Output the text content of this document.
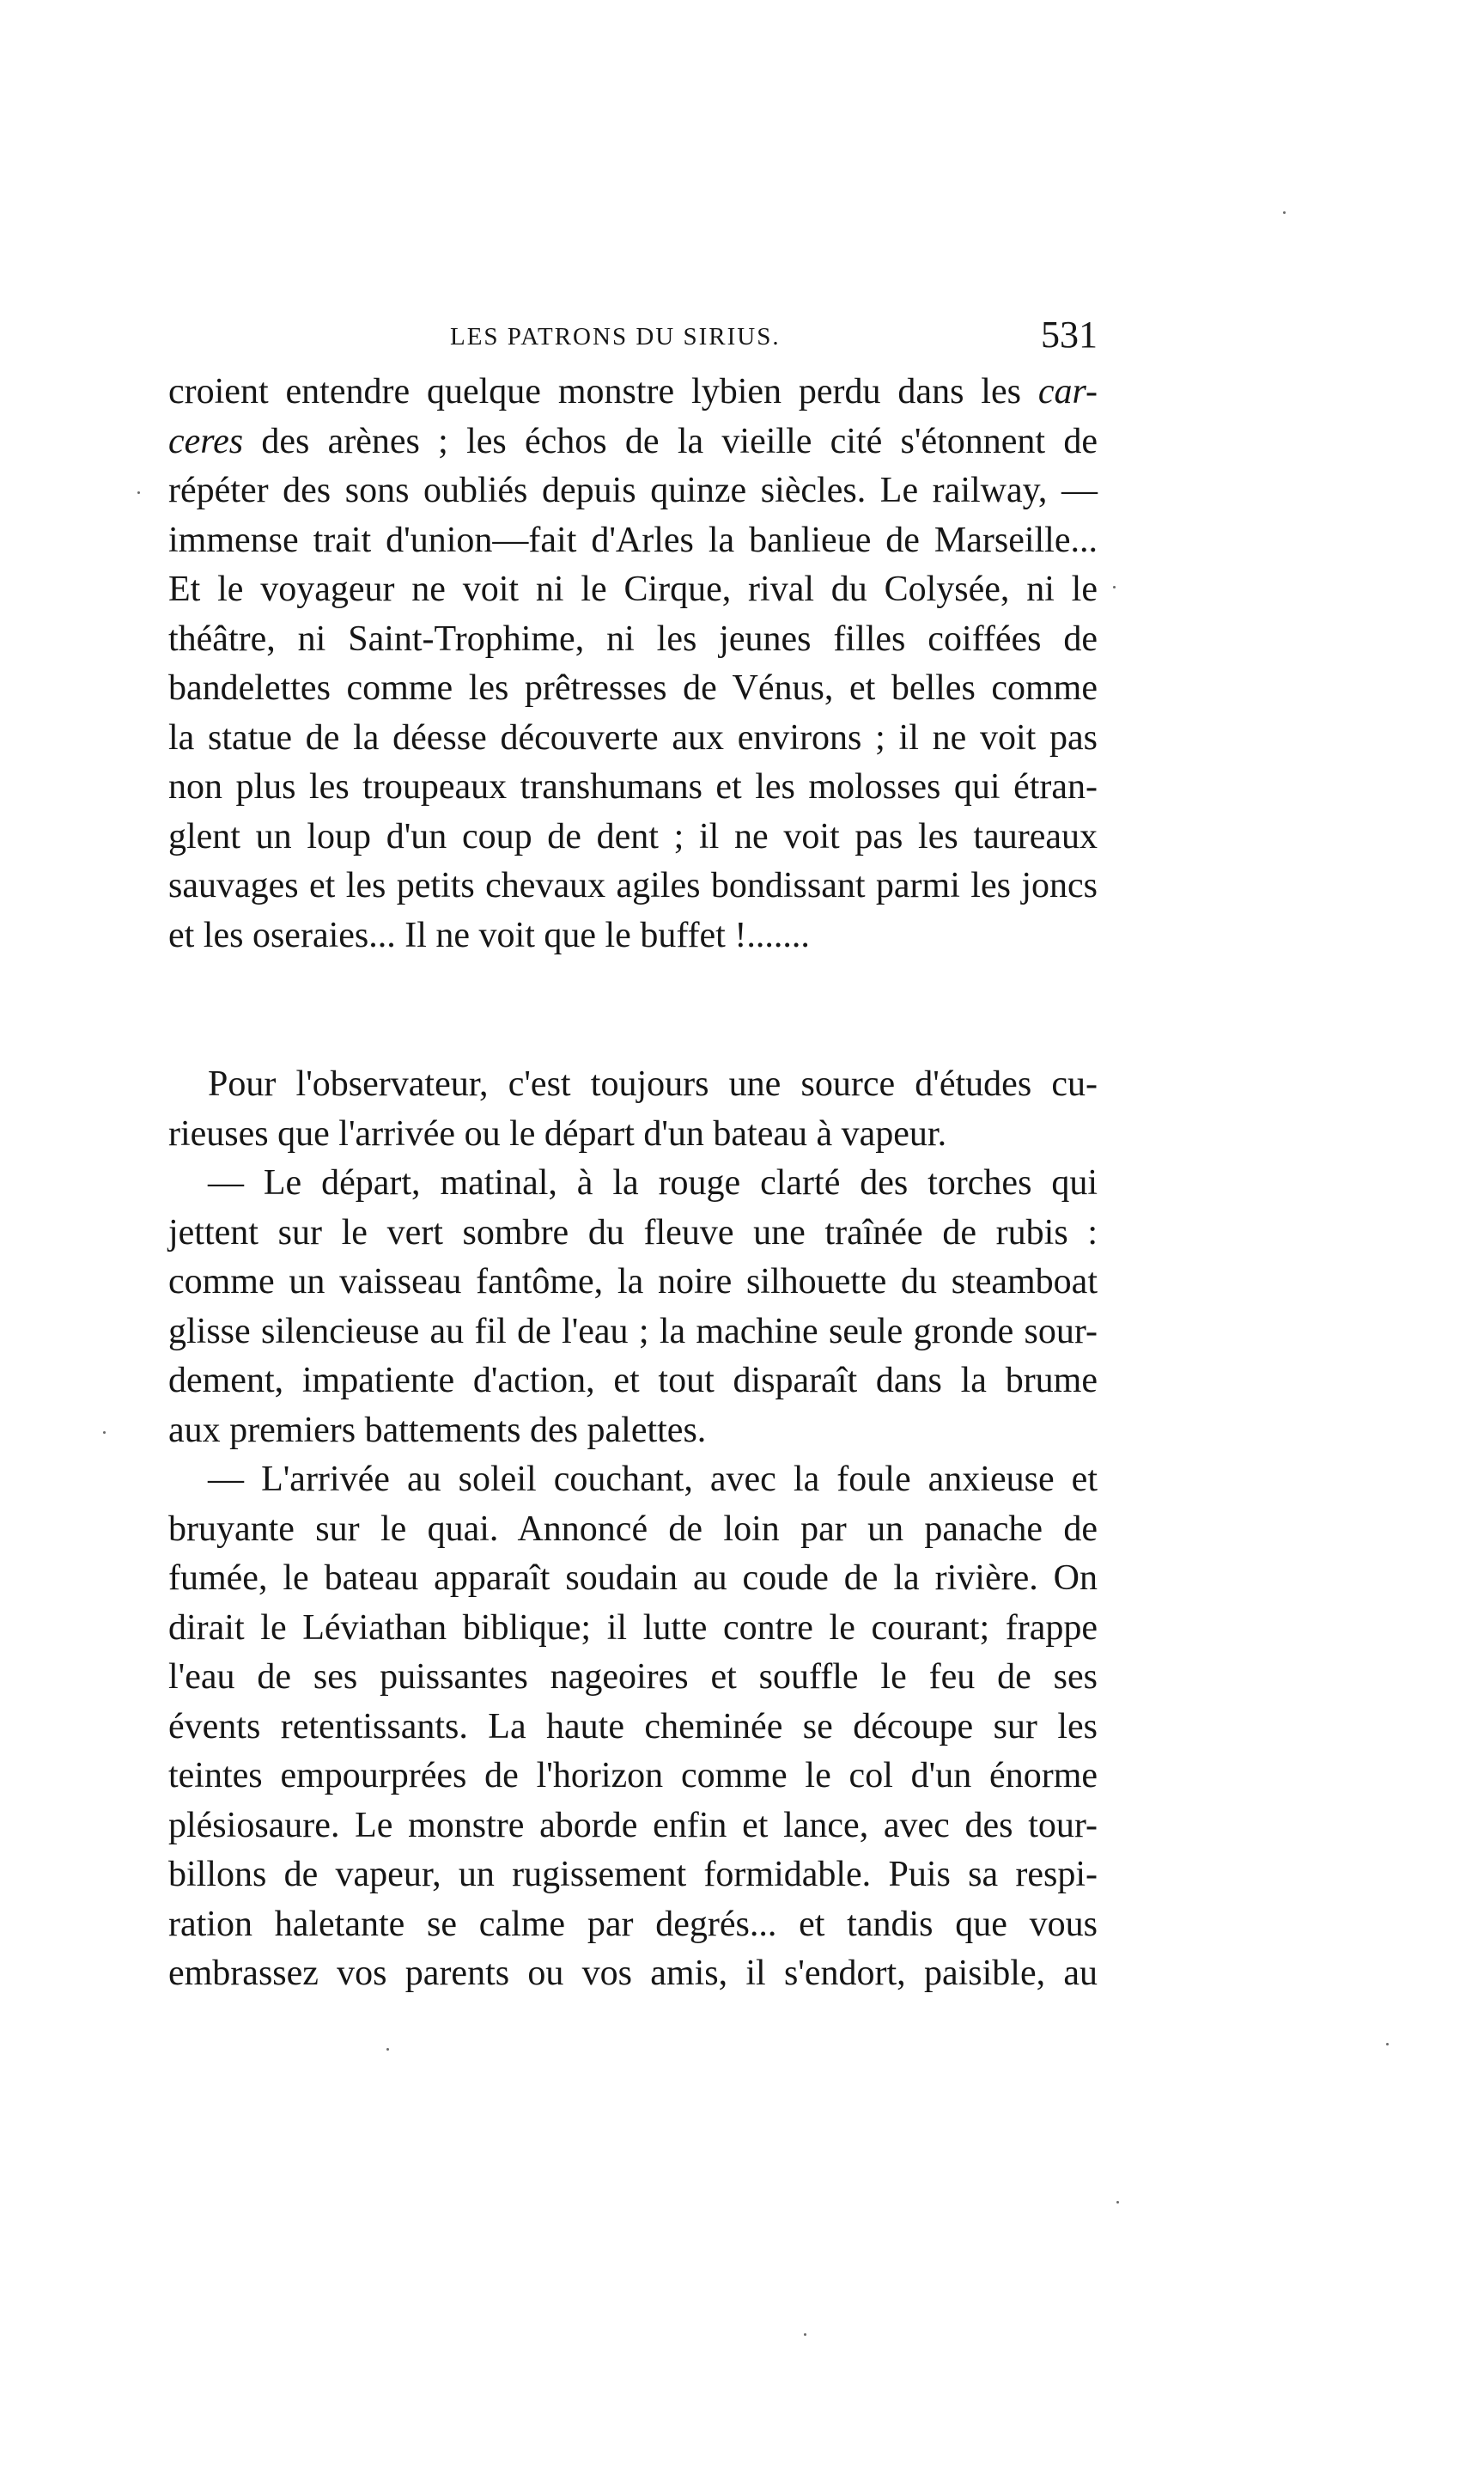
LES PATRONS DU SIRIUS.	531
croient entendre quelque monstre lybien perdu dans les car-
ceres des arènes ; les échos de la vieille cité s'étonnent de
répéter des sons oubliés depuis quinze siècles. Le railway, —
immense trait d'union—fait d'Arles la banlieue de Marseille...
Et le voyageur ne voit ni le Cirque, rival du Colysée, ni le
théâtre, ni Saint-Trophime, ni les jeunes filles coiffées de
bandelettes comme les prêtresses de Vénus, et belles comme
la statue de la déesse découverte aux environs ; il ne voit pas
non plus les troupeaux transhumans et les molosses qui étran-
glent un loup d'un coup de dent ; il ne voit pas les taureaux
sauvages et les petits chevaux agiles bondissant parmi les joncs
et les oseraies... Il ne voit que le buffet !.......
Pour l'observateur, c'est toujours une source d'études cu-
rieuses que l'arrivée ou le départ d'un bateau à vapeur.
— Le départ, matinal, à la rouge clarté des torches qui
jettent sur le vert sombre du fleuve une traînée de rubis :
comme un vaisseau fantôme, la noire silhouette du steamboat
glisse silencieuse au fil de l'eau ; la machine seule gronde sour-
dement, impatiente d'action, et tout disparaît dans la brume
aux premiers battements des palettes.
— L'arrivée au soleil couchant, avec la foule anxieuse et
bruyante sur le quai. Annoncé de loin par un panache de
fumée, le bateau apparaît soudain au coude de la rivière. On
dirait le Léviathan biblique; il lutte contre le courant; frappe
l'eau de ses puissantes nageoires et souffle le feu de ses
évents retentissants. La haute cheminée se découpe sur les
teintes empourprées de l'horizon comme le col d'un énorme
plésiosaure. Le monstre aborde enfin et lance, avec des tour-
billons de vapeur, un rugissement formidable. Puis sa respi-
ration haletante se calme par degrés... et tandis que vous
embrassez vos parents ou vos amis, il s'endort, paisible, au
